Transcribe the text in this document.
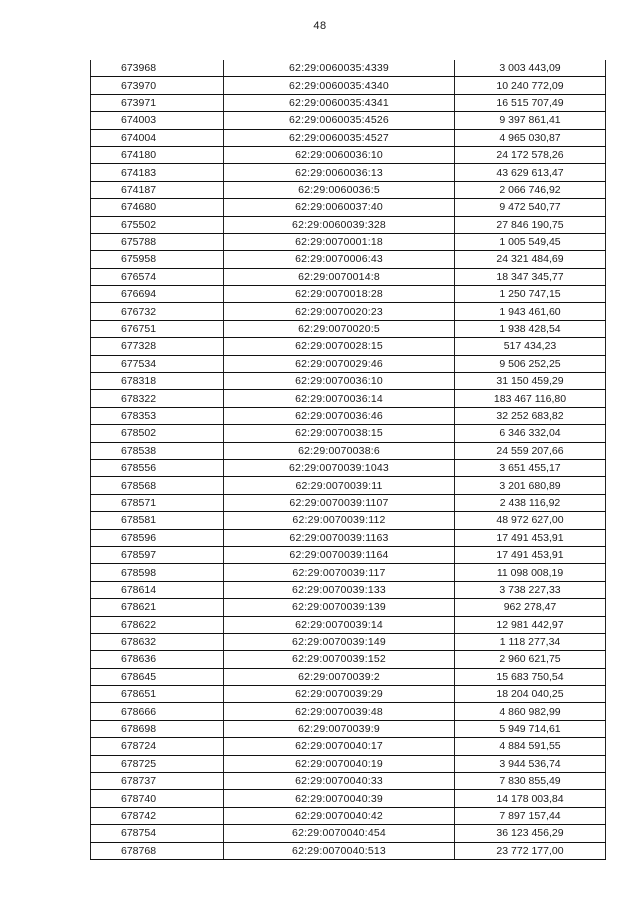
48
673968	62:29:0060035:4339	3 003 443,09
673970	62:29:0060035:4340	10 240 772,09
673971	62:29:0060035:4341	16 515 707,49
674003	62:29:0060035:4526	9 397 861,41
674004	62:29:0060035:4527	4 965 030,87
674180	62:29:0060036:10	24 172 578,26
674183	62:29:0060036:13	43 629 613,47
674187	62:29:0060036:5	2 066 746,92
674680	62:29:0060037:40	9 472 540,77
675502	62:29:0060039:328	27 846 190,75
675788	62:29:0070001:18	1 005 549,45
675958	62:29:0070006:43	24 321 484,69
676574	62:29:0070014:8	18 347 345,77
676694	62:29:0070018:28	1 250 747,15
676732	62:29:0070020:23	1 943 461,60
676751	62:29:0070020:5	1 938 428,54
677328	62:29:0070028:15	517 434,23
677534	62:29:0070029:46	9 506 252,25
678318	62:29:0070036:10	31 150 459,29
678322	62:29:0070036:14	183 467 116,80
678353	62:29:0070036:46	32 252 683,82
678502	62:29:0070038:15	6 346 332,04
678538	62:29:0070038:6	24 559 207,66
678556	62:29:0070039:1043	3 651 455,17
678568	62:29:0070039:11	3 201 680,89
678571	62:29:0070039:1107	2 438 116,92
678581	62:29:0070039:112	48 972 627,00
678596	62:29:0070039:1163	17 491 453,91
678597	62:29:0070039:1164	17 491 453,91
678598	62:29:0070039:117	11 098 008,19
678614	62:29:0070039:133	3 738 227,33
678621	62:29:0070039:139	962 278,47
678622	62:29:0070039:14	12 981 442,97
678632	62:29:0070039:149	1 118 277,34
678636	62:29:0070039:152	2 960 621,75
678645	62:29:0070039:2	15 683 750,54
678651	62:29:0070039:29	18 204 040,25
678666	62:29:0070039:48	4 860 982,99
678698	62:29:0070039:9	5 949 714,61
678724	62:29:0070040:17	4 884 591,55
678725	62:29:0070040:19	3 944 536,74
678737	62:29:0070040:33	7 830 855,49
678740	62:29:0070040:39	14 178 003,84
678742	62:29:0070040:42	7 897 157,44
678754	62:29:0070040:454	36 123 456,29
678768	62:29:0070040:513	23 772 177,00
